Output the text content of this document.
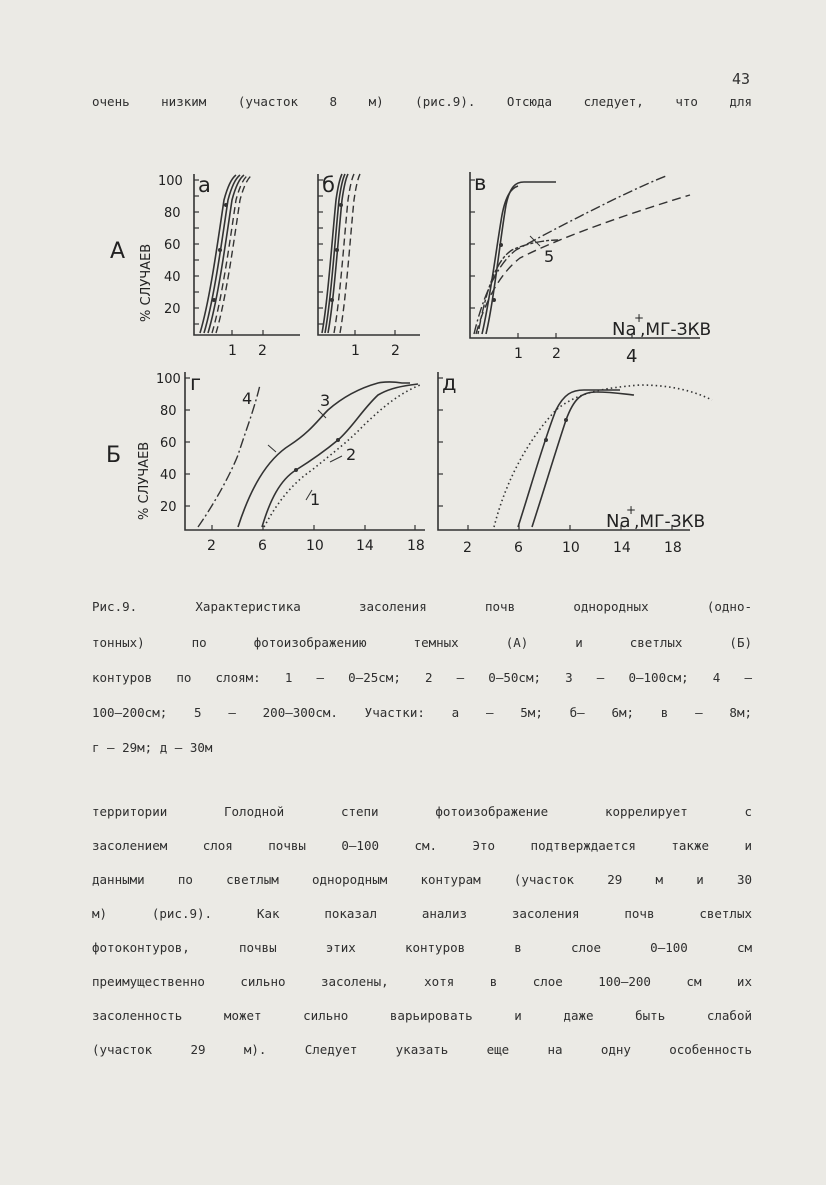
43
очень низким (участок 8 м) (рис.9). Отсюда следует, что для
А
Б
% СЛУЧАЕВ
% СЛУЧАЕВ
100
80
60
40
20
100
80
60
40
20
а	б	в
г	д
1 2	1 2	1 2	4
2	6	10 14 18	2	6	10 14 18
5
4	3
2
1
Na
+
,МГ-ЗКВ
Na
+
,МГ-ЗКВ
Рис.9. Характеристика засоления почв однородных (одно-
тонных) по фотоизображению темных (А) и светлых (Б)
контуров по слоям: 1 – 0–25см; 2 – 0–50см; 3 – 0–100см; 4 –
100–200см; 5 – 200–300см. Участки: а – 5м; б– 6м; в – 8м;
г – 29м; д – 30м
территории Голодной степи фотоизображение коррелирует с
засолением слоя почвы 0–100 см. Это подтверждается также и
данными по светлым однородным контурам (участок 29 м и 30
м) (рис.9). Как показал анализ засоления почв светлых
фотоконтуров, почвы этих контуров в слое 0–100 см
преимущественно сильно засолены, хотя в слое 100–200 см их
засоленность может сильно варьировать и даже быть слабой
(участок 29 м). Следует указать еще на одну особенность
